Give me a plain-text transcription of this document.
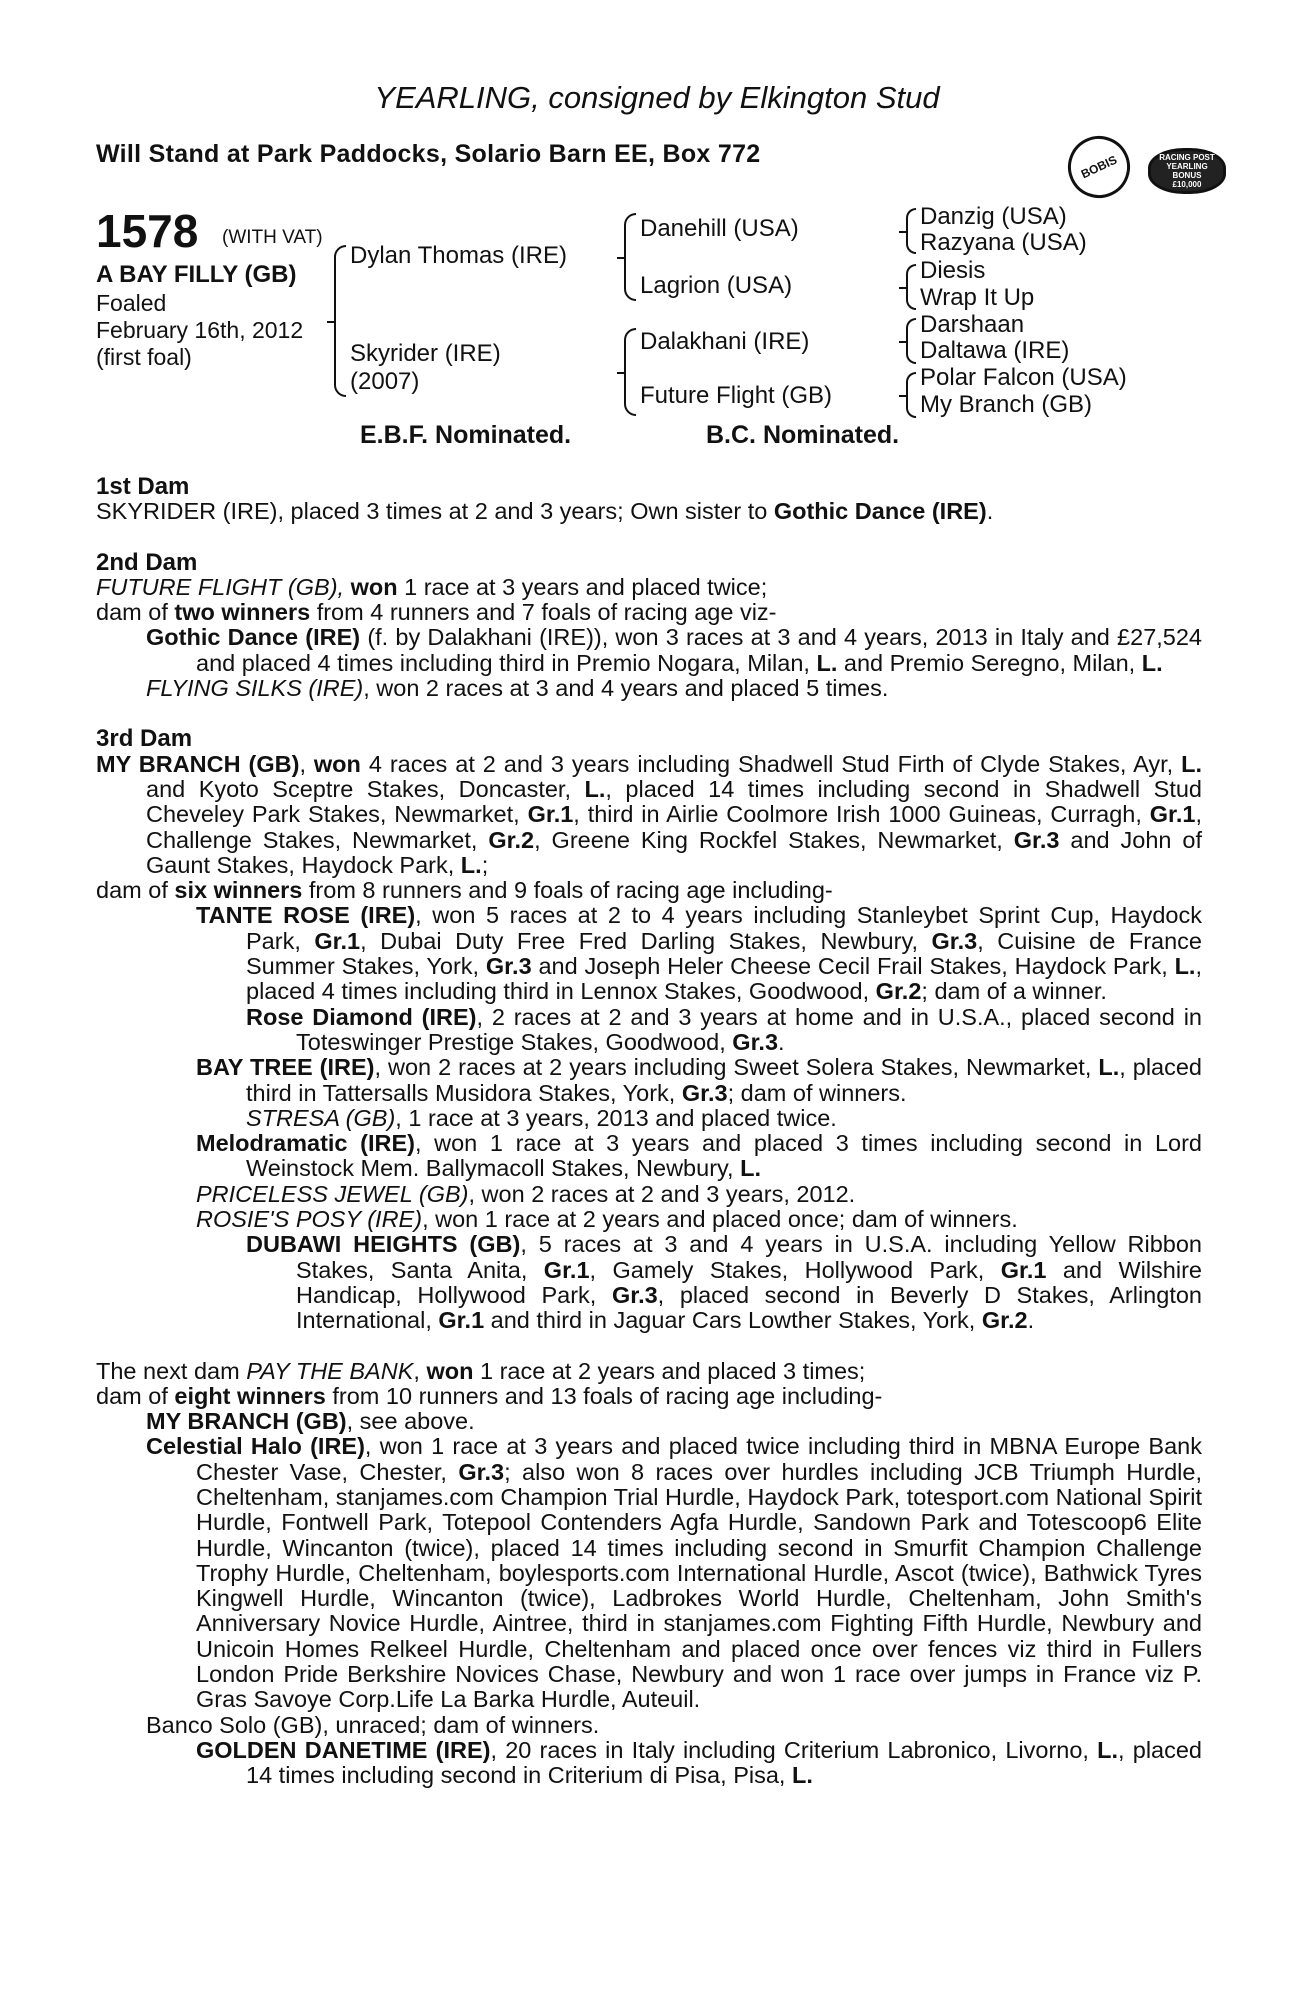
YEARLING, consigned by Elkington Stud
Will Stand at Park Paddocks, Solario Barn EE, Box 772	BOBIS	RACING POST
YEARLING BONUS
£10,000
1578 (WITH VAT)
A BAY FILLY (GB)
Foaled
February 16th, 2012
(first foal)
Dylan Thomas (IRE)
Skyrider (IRE)
(2007)
Danehill (USA)
Lagrion (USA)
Dalakhani (IRE)
Future Flight (GB)
Danzig (USA)
Razyana (USA)
Diesis
Wrap It Up
Darshaan
Daltawa (IRE)
Polar Falcon (USA)
My Branch (GB)
E.B.F. Nominated.	B.C. Nominated.

1st Dam

SKYRIDER (IRE), placed 3 times at 2 and 3 years; Own sister to Gothic Dance (IRE).

2nd Dam

FUTURE FLIGHT (GB), won 1 race at 3 years and placed twice;

dam of two winners from 4 runners and 7 foals of racing age viz-

Gothic Dance (IRE) (f. by Dalakhani (IRE)), won 3 races at 3 and 4 years, 2013 in Italy and £27,524 and placed 4 times including third in Premio Nogara, Milan, L. and Premio Seregno, Milan, L.

FLYING SILKS (IRE), won 2 races at 3 and 4 years and placed 5 times.

3rd Dam

MY BRANCH (GB), won 4 races at 2 and 3 years including Shadwell Stud Firth of Clyde Stakes, Ayr, L. and Kyoto Sceptre Stakes, Doncaster, L., placed 14 times including second in Shadwell Stud Cheveley Park Stakes, Newmarket, Gr.1, third in Airlie Coolmore Irish 1000 Guineas, Curragh, Gr.1, Challenge Stakes, Newmarket, Gr.2, Greene King Rockfel Stakes, Newmarket, Gr.3 and John of Gaunt Stakes, Haydock Park, L.;

dam of six winners from 8 runners and 9 foals of racing age including-

TANTE ROSE (IRE), won 5 races at 2 to 4 years including Stanleybet Sprint Cup, Haydock Park, Gr.1, Dubai Duty Free Fred Darling Stakes, Newbury, Gr.3, Cuisine de France Summer Stakes, York, Gr.3 and Joseph Heler Cheese Cecil Frail Stakes, Haydock Park, L., placed 4 times including third in Lennox Stakes, Goodwood, Gr.2; dam of a winner.

Rose Diamond (IRE), 2 races at 2 and 3 years at home and in U.S.A., placed second in Toteswinger Prestige Stakes, Goodwood, Gr.3.

BAY TREE (IRE), won 2 races at 2 years including Sweet Solera Stakes, Newmarket, L., placed third in Tattersalls Musidora Stakes, York, Gr.3; dam of winners.

STRESA (GB), 1 race at 3 years, 2013 and placed twice.

Melodramatic (IRE), won 1 race at 3 years and placed 3 times including second in Lord Weinstock Mem. Ballymacoll Stakes, Newbury, L.

PRICELESS JEWEL (GB), won 2 races at 2 and 3 years, 2012.

ROSIE'S POSY (IRE), won 1 race at 2 years and placed once; dam of winners.

DUBAWI HEIGHTS (GB), 5 races at 3 and 4 years in U.S.A. including Yellow Ribbon Stakes, Santa Anita, Gr.1, Gamely Stakes, Hollywood Park, Gr.1 and Wilshire Handicap, Hollywood Park, Gr.3, placed second in Beverly D Stakes, Arlington International, Gr.1 and third in Jaguar Cars Lowther Stakes, York, Gr.2.

The next dam PAY THE BANK, won 1 race at 2 years and placed 3 times;

dam of eight winners from 10 runners and 13 foals of racing age including-

MY BRANCH (GB), see above.

Celestial Halo (IRE), won 1 race at 3 years and placed twice including third in MBNA Europe Bank Chester Vase, Chester, Gr.3; also won 8 races over hurdles including JCB Triumph Hurdle, Cheltenham, stanjames.com Champion Trial Hurdle, Haydock Park, totesport.com National Spirit Hurdle, Fontwell Park, Totepool Contenders Agfa Hurdle, Sandown Park and Totescoop6 Elite Hurdle, Wincanton (twice), placed 14 times including second in Smurfit Champion Challenge Trophy Hurdle, Cheltenham, boylesports.com International Hurdle, Ascot (twice), Bathwick Tyres Kingwell Hurdle, Wincanton (twice), Ladbrokes World Hurdle, Cheltenham, John Smith's Anniversary Novice Hurdle, Aintree, third in stanjames.com Fighting Fifth Hurdle, Newbury and Unicoin Homes Relkeel Hurdle, Cheltenham and placed once over fences viz third in Fullers London Pride Berkshire Novices Chase, Newbury and won 1 race over jumps in France viz P. Gras Savoye Corp.Life La Barka Hurdle, Auteuil.

Banco Solo (GB), unraced; dam of winners.

GOLDEN DANETIME (IRE), 20 races in Italy including Criterium Labronico, Livorno, L., placed 14 times including second in Criterium di Pisa, Pisa, L.
